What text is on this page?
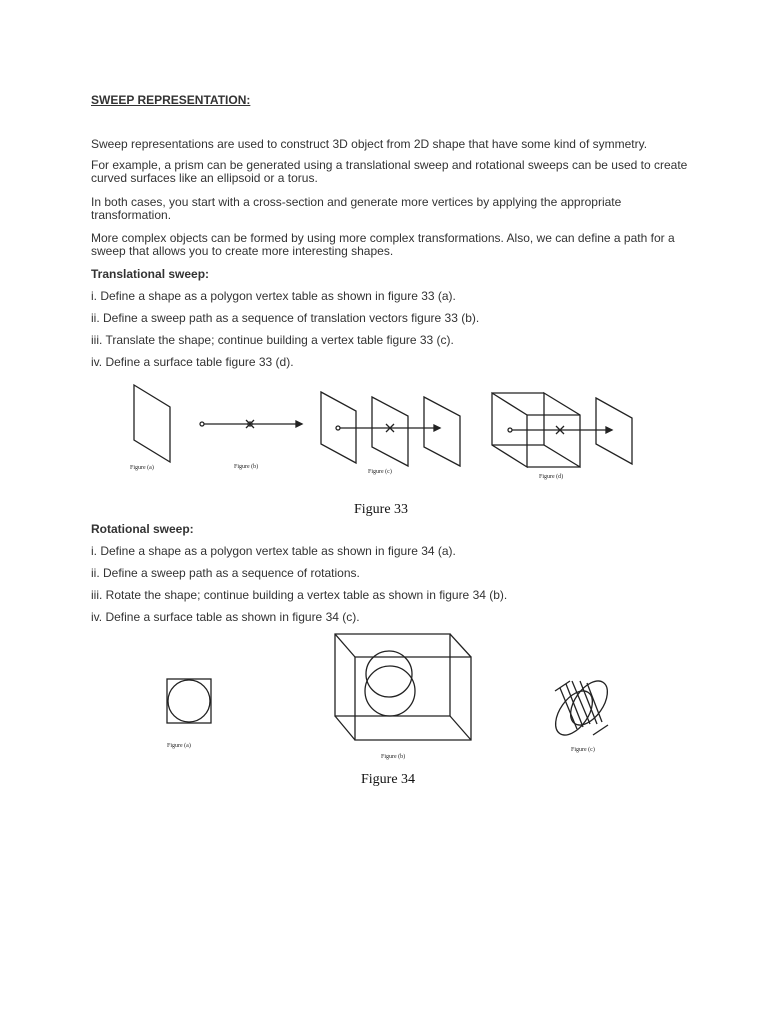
SWEEP REPRESENTATION:
Sweep representations are used to construct 3D object from 2D shape that have some kind of symmetry.
For example, a prism can be generated using a translational sweep and rotational sweeps can be used to create curved surfaces like an ellipsoid or a torus.
In both cases, you start with a cross-section and generate more vertices by applying the appropriate transformation.
More complex objects can be formed by using more complex transformations. Also, we can define a path for a sweep that allows you to create more interesting shapes.
Translational sweep:
i. Define a shape as a polygon vertex table as shown in figure 33 (a).
ii. Define a sweep path as a sequence of translation vectors figure 33 (b).
iii. Translate the shape; continue building a vertex table figure 33 (c).
iv. Define a surface table figure 33 (d).
Figure (a)	Figure (b)
Figure (c)
Figure (d)
Figure 33
Rotational sweep:
i. Define a shape as a polygon vertex table as shown in figure 34 (a).
ii. Define a sweep path as a sequence of rotations.
iii. Rotate the shape; continue building a vertex table as shown in figure 34 (b).
iv. Define a surface table as shown in figure 34 (c).
Figure (a)
Figure (b)
Figure (c)
Figure 34
